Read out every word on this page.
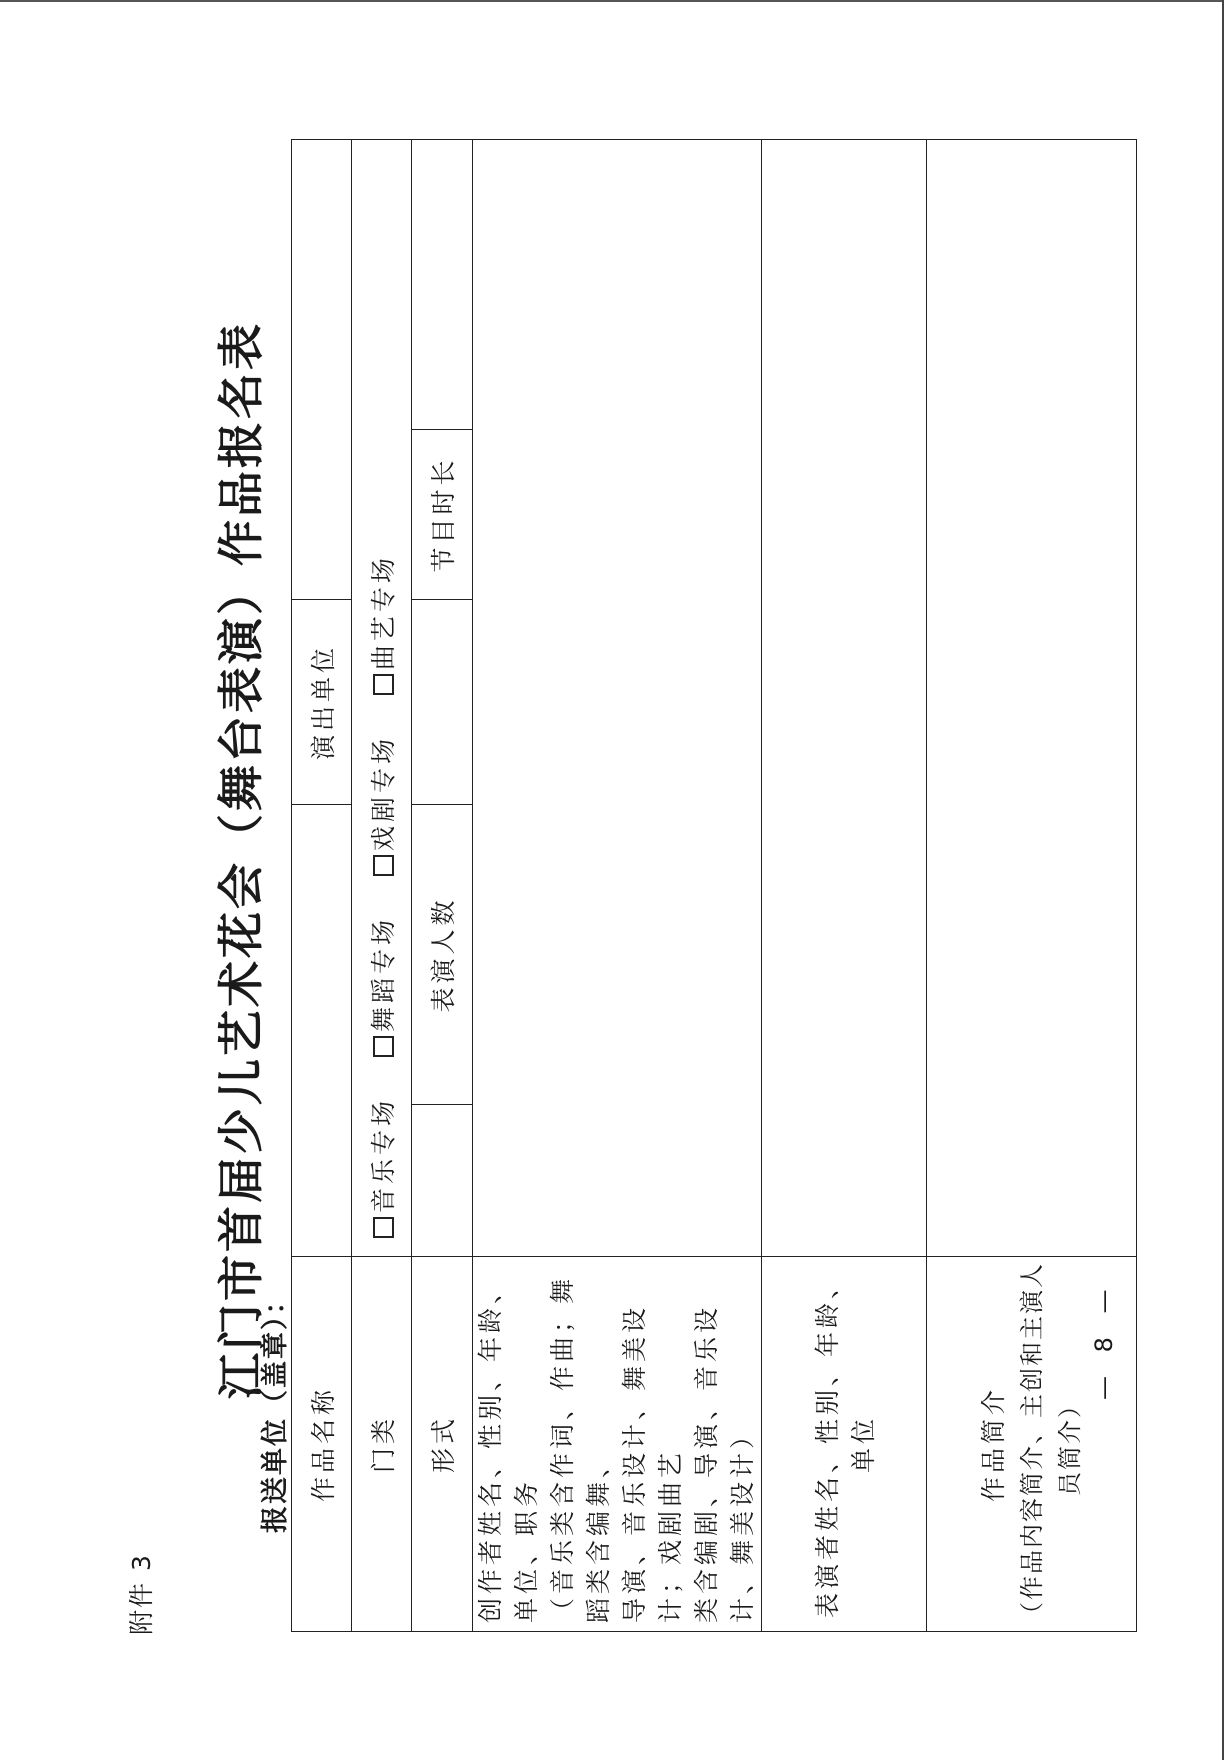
附件 3
江门市首届少儿艺术花会（舞台表演）作品报名表
报送单位（盖章）： 作品名称			演出单位		
门类	音乐专场 舞蹈专场 戏剧专场 曲艺专场				
形式		表演人数		节目时长	

创作者姓名、性别、年龄、单位、职务 （音乐类含作词、作曲；舞蹈类含编舞、 导演、音乐设计、舞美设计；戏剧曲艺 类含编剧、导演、音乐设计、舞美设计）					

表演者姓名、性别、年龄、单位					

作品简介 （作品内容简介、主创和主演人员简介）					

— 8 —
